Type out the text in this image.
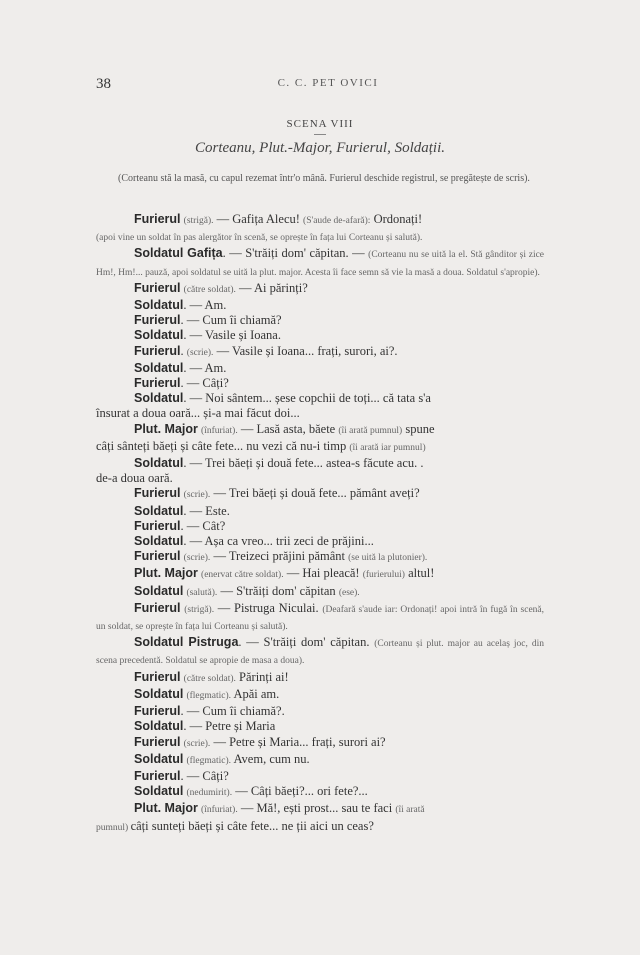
38	C. C. PET OVICI
SCENA VIII
Corteanu, Plut.-Major, Furierul, Soldații.
(Corteanu stă la masă, cu capul rezemat într'o mână. Furierul deschide registrul, se pregătește de scris).

Furierul (strigă). — Gafița Alecu! (S'aude de-afară): Ordonați!

(apoi vine un soldat în pas alergător în scenă, se oprește în fața lui Corteanu și salută).

Soldatul Gafița. — S'trăiți dom' căpitan. — (Corteanu nu se uită la el. Stă gânditor și zice Hm!, Hm!... pauză, apoi soldatul se uită la plut. major. Acesta îi face semn să vie la masă a doua. Soldatul s'apropie).

Furierul (către soldat). — Ai părinți?

Soldatul. — Am.

Furierul. — Cum îi chiamă?

Soldatul. — Vasile și Ioana.

Furierul. (scrie). — Vasile și Ioana... frați, surori, ai?.

Soldatul. — Am.

Furierul. — Câți?

Soldatul. — Noi sântem... șese copchii de toți... că tata s'a

însurat a doua oară... și-a mai făcut doi...

Plut. Major (înfuriat). — Lasă asta, băete (îi arată pumnul) spune

câți sânteți băeți și câte fete... nu vezi că nu-i timp (îi arată iar pumnul)

Soldatul. — Trei băeți și două fete... astea-s făcute acu. .

de-a doua oară.

Furierul (scrie). — Trei băeți și două fete... pământ aveți?

Soldatul. — Este.

Furierul. — Cât?

Soldatul. — Așa ca vreo... trii zeci de prăjini...

Furierul (scrie). — Treizeci prăjini pământ (se uită la plutonier).

Plut. Major (enervat către soldat). — Hai pleacă! (furierului) altul!

Soldatul (salută). — S'trăiți dom' căpitan (ese).

Furierul (strigă). — Pistruga Niculai. (Deafară s'aude iar: Ordonați! apoi intră în fugă în scenă, un soldat, se oprește în fața lui Corteanu și salută).

Soldatul Pistruga. — S'trăiți dom' căpitan. (Corteanu și plut. major au acelaș joc, din scena precedentă. Soldatul se apropie de masa a doua).

Furierul (către soldat). Părinți ai!

Soldatul (flegmatic). Apăi am.

Furierul. — Cum îi chiamă?.

Soldatul. — Petre și Maria

Furierul (scrie). — Petre și Maria... frați, surori ai?

Soldatul (flegmatic). Avem, cum nu.

Furierul. — Câți?

Soldatul (nedumirit). — Câți băeți?... ori fete?...

Plut. Major (înfuriat). — Mă!, ești prost... sau te faci (îi arată

pumnul) câți sunteți băeți și câte fete... ne ții aici un ceas?
